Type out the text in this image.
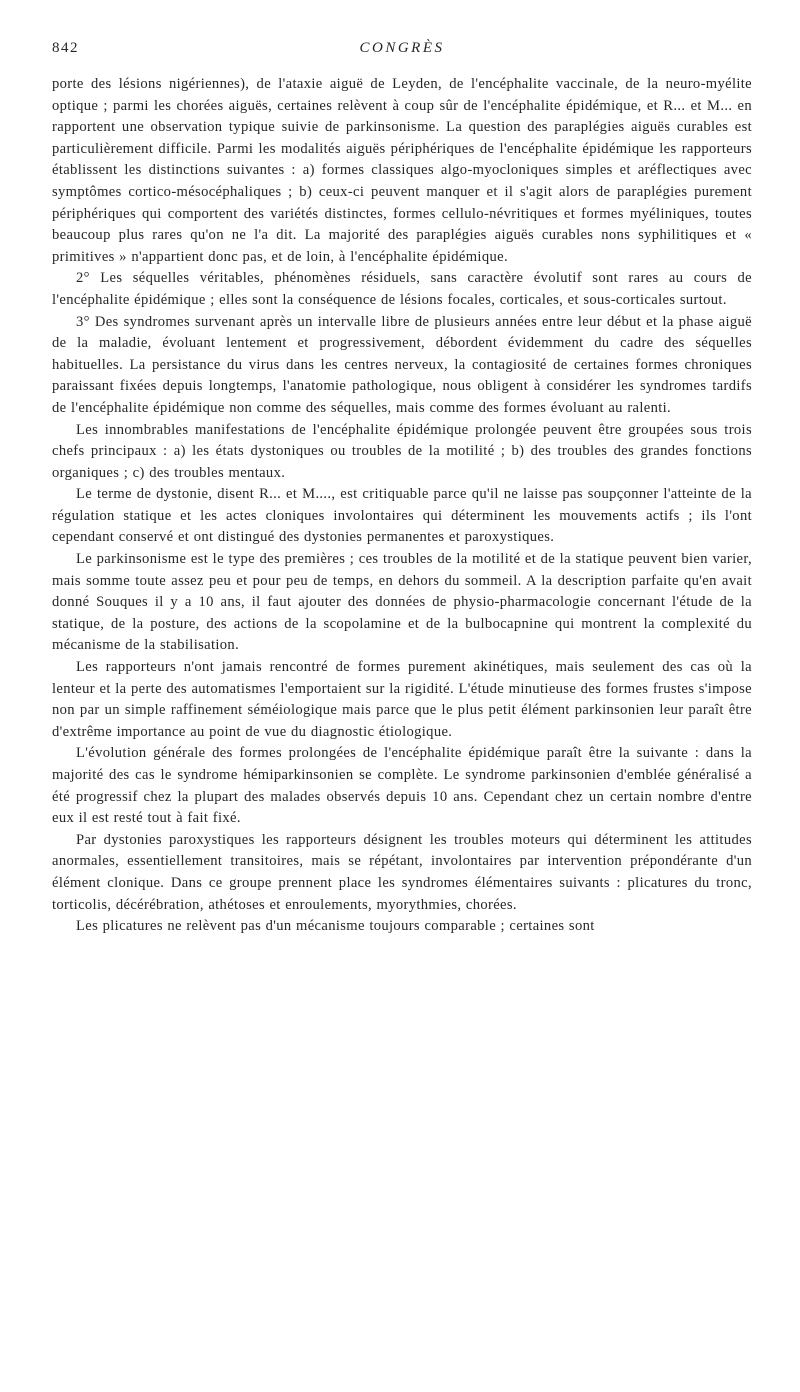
842	CONGRÈS

porte des lésions nigériennes), de l'ataxie aiguë de Leyden, de l'encéphalite vaccinale, de la neuro-myélite optique ; parmi les chorées aiguës, certaines relèvent à coup sûr de l'encéphalite épidémique, et R... et M... en rapportent une observation typique suivie de parkinsonisme. La question des paraplégies aiguës curables est particulièrement difficile. Parmi les modalités aiguës périphériques de l'encéphalite épidémique les rapporteurs établissent les distinctions suivantes : a) formes classiques algo-myocloniques simples et aréflectiques avec symptômes cortico-mésocéphaliques ; b) ceux-ci peuvent manquer et il s'agit alors de paraplégies purement périphériques qui comportent des variétés distinctes, formes cellulo-névritiques et formes myéliniques, toutes beaucoup plus rares qu'on ne l'a dit. La majorité des paraplégies aiguës curables nons syphilitiques et « primitives » n'appartient donc pas, et de loin, à l'encéphalite épidémique.

2° Les séquelles véritables, phénomènes résiduels, sans caractère évolutif sont rares au cours de l'encéphalite épidémique ; elles sont la conséquence de lésions focales, corticales, et sous-corticales surtout.

3° Des syndromes survenant après un intervalle libre de plusieurs années entre leur début et la phase aiguë de la maladie, évoluant lentement et progressivement, débordent évidemment du cadre des séquelles habituelles. La persistance du virus dans les centres nerveux, la contagiosité de certaines formes chroniques paraissant fixées depuis longtemps, l'anatomie pathologique, nous obligent à considérer les syndromes tardifs de l'encéphalite épidémique non comme des séquelles, mais comme des formes évoluant au ralenti.

Les innombrables manifestations de l'encéphalite épidémique prolongée peuvent être groupées sous trois chefs principaux : a) les états dystoniques ou troubles de la motilité ; b) des troubles des grandes fonctions organiques ; c) des troubles mentaux.

Le terme de dystonie, disent R... et M...., est critiquable parce qu'il ne laisse pas soupçonner l'atteinte de la régulation statique et les actes cloniques involontaires qui déterminent les mouvements actifs ; ils l'ont cependant conservé et ont distingué des dystonies permanentes et paroxystiques.

Le parkinsonisme est le type des premières ; ces troubles de la motilité et de la statique peuvent bien varier, mais somme toute assez peu et pour peu de temps, en dehors du sommeil. A la description parfaite qu'en avait donné Souques il y a 10 ans, il faut ajouter des données de physio-pharmacologie concernant l'étude de la statique, de la posture, des actions de la scopolamine et de la bulbocapnine qui montrent la complexité du mécanisme de la stabilisation.

Les rapporteurs n'ont jamais rencontré de formes purement akinétiques, mais seulement des cas où la lenteur et la perte des automatismes l'emportaient sur la rigidité. L'étude minutieuse des formes frustes s'impose non par un simple raffinement séméiologique mais parce que le plus petit élément parkinsonien leur paraît être d'extrême importance au point de vue du diagnostic étiologique.

L'évolution générale des formes prolongées de l'encéphalite épidémique paraît être la suivante : dans la majorité des cas le syndrome hémiparkinsonien se complète. Le syndrome parkinsonien d'emblée généralisé a été progressif chez la plupart des malades observés depuis 10 ans. Cependant chez un certain nombre d'entre eux il est resté tout à fait fixé.

Par dystonies paroxystiques les rapporteurs désignent les troubles moteurs qui déterminent les attitudes anormales, essentiellement transitoires, mais se répétant, involontaires par intervention prépondérante d'un élément clonique. Dans ce groupe prennent place les syndromes élémentaires suivants : plicatures du tronc, torticolis, décérébration, athétoses et enroulements, myorythmies, chorées.

Les plicatures ne relèvent pas d'un mécanisme toujours comparable ; certaines sont
